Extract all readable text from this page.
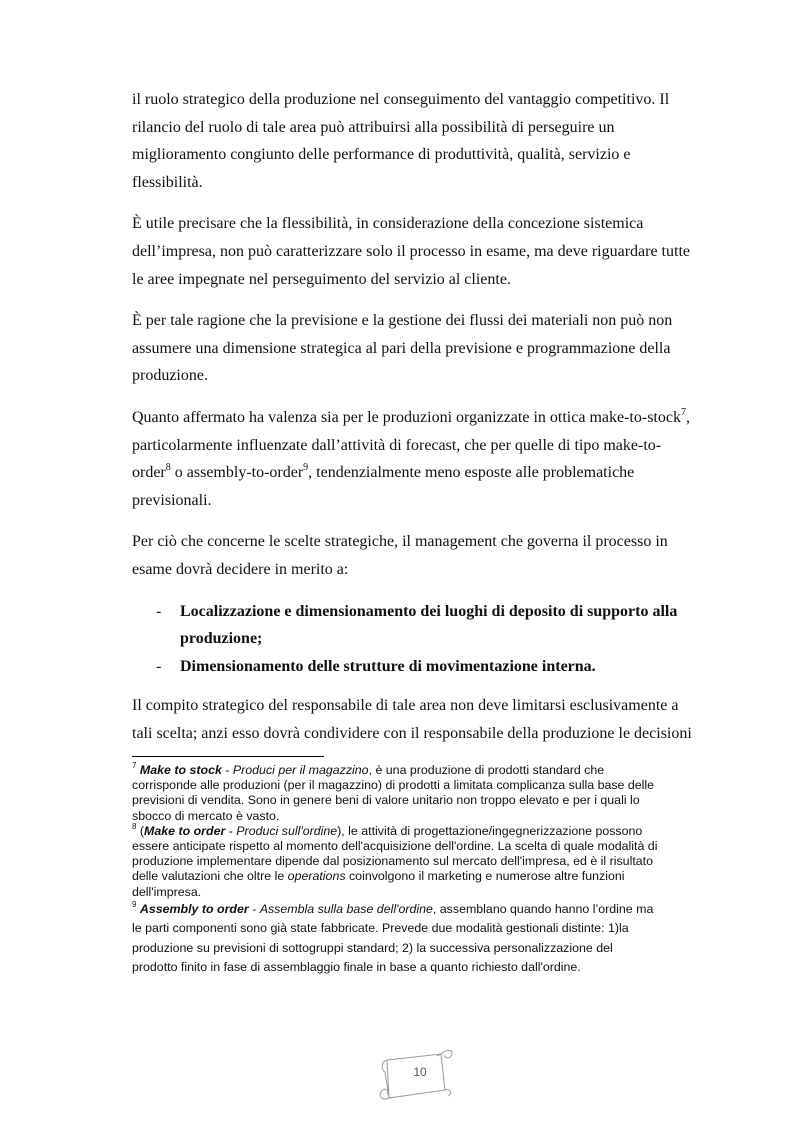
il ruolo strategico della produzione nel conseguimento del vantaggio competitivo. Il
rilancio del ruolo di tale area può attribuirsi alla possibilità di perseguire un
miglioramento congiunto delle performance di produttività, qualità, servizio e
flessibilità.

È utile precisare che la flessibilità, in considerazione della concezione sistemica
dell’impresa, non può caratterizzare solo il processo in esame, ma deve riguardare tutte
le aree impegnate nel perseguimento del servizio al cliente.

È per tale ragione che la previsione e la gestione dei flussi dei materiali non può non
assumere una dimensione strategica al pari della previsione e programmazione della
produzione.

Quanto affermato ha valenza sia per le produzioni organizzate in ottica make-to-stock$^7$,
particolarmente influenzate dall’attività di forecast, che per quelle di tipo make-to-
order$^8$ o assembly-to-order$^9$, tendenzialmente meno esposte alle problematiche
previsionali.

Per ciò che concerne le scelte strategiche, il management che governa il processo in
esame dovrà decidere in merito a:

- Localizzazione e dimensionamento dei luoghi di deposito di supporto alla
produzione;
- Dimensionamento delle strutture di movimentazione interna.

Il compito strategico del responsabile di tale area non deve limitarsi esclusivamente a
tali scelta; anzi esso dovrà condividere con il responsabile della produzione le decisioni

$^7$ Make to stock - Produci per il magazzino, è una produzione di prodotti standard che
corrisponde alle produzioni (per il magazzino) di prodotti a limitata complicanza sulla base delle
previsioni di vendita. Sono in genere beni di valore unitario non troppo elevato e per i quali lo
sbocco di mercato è vasto.
$^8$ (Make to order - Produci sull'ordine), le attività di progettazione/ingegnerizzazione possono
essere anticipate rispetto al momento dell'acquisizione dell'ordine. La scelta di quale modalità di
produzione implementare dipende dal posizionamento sul mercato dell'impresa, ed è il risultato
delle valutazioni che oltre le operations coinvolgono il marketing e numerose altre funzioni
dell'impresa.
$^9$ Assembly to order - Assembla sulla base dell'ordine, assemblano quando hanno l’ordine ma
le parti componenti sono già state fabbricate. Prevede due modalità gestionali distinte: 1)la
produzione su previsioni di sottogruppi standard; 2) la successiva personalizzazione del
prodotto finito in fase di assemblaggio finale in base a quanto richiesto dall'ordine.
10
